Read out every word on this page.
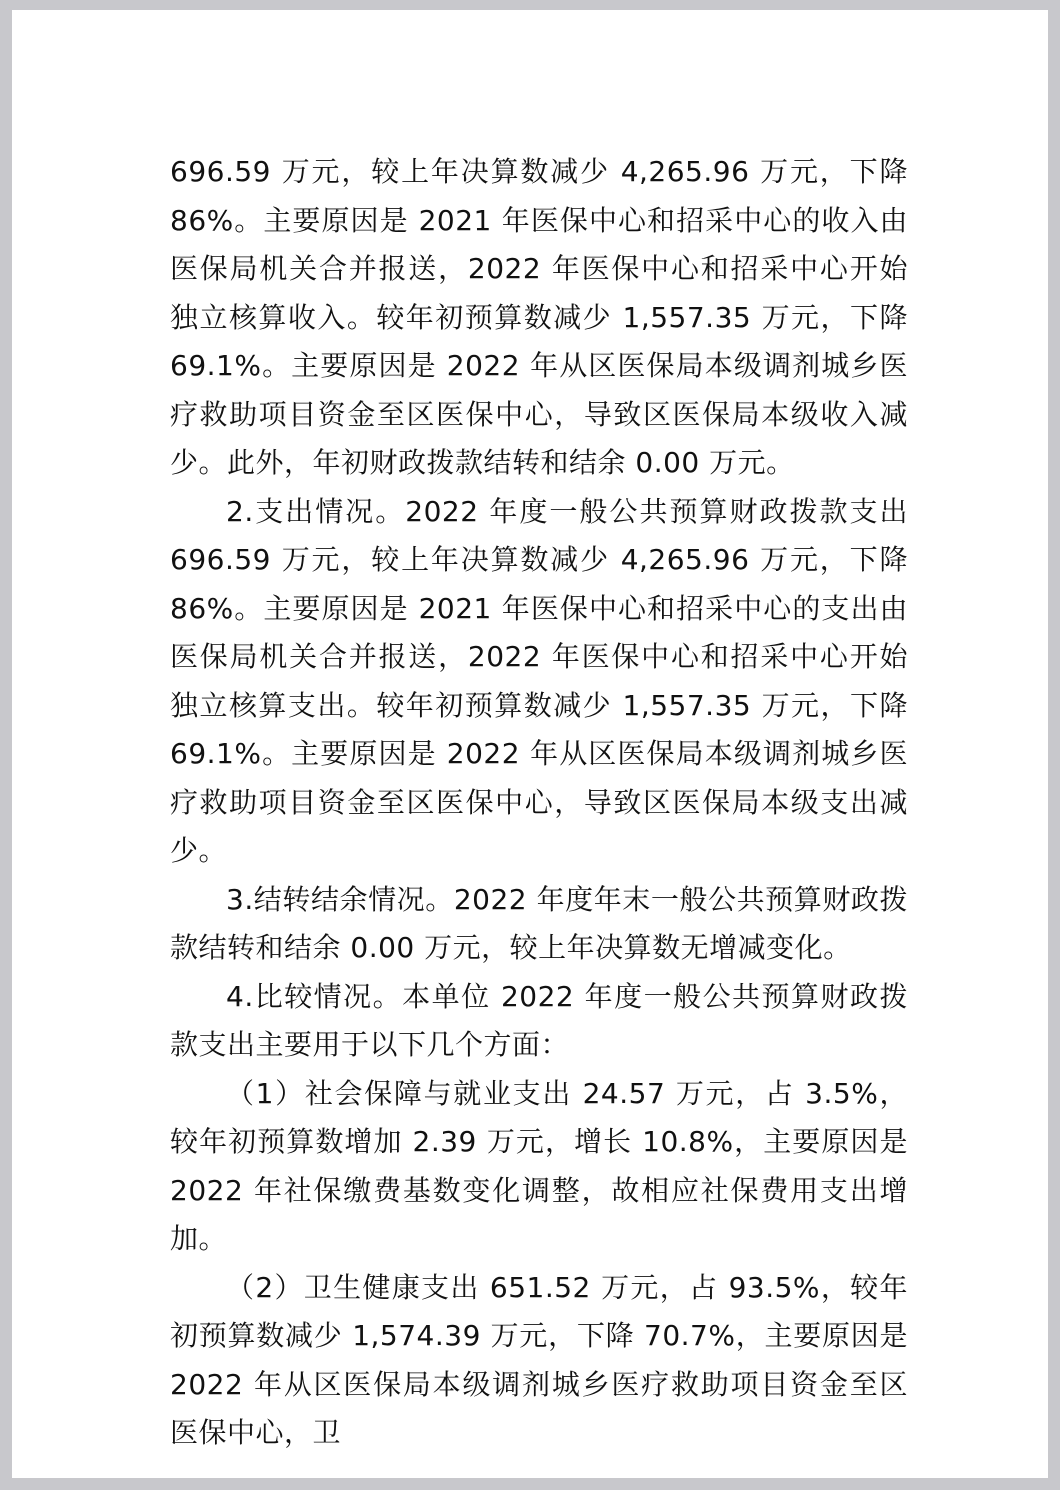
696.59 万元，较上年决算数减少 4,265.96 万元，下降 86%。主要原因是 2021 年医保中心和招采中心的收入由医保局机关合并报送，2022 年医保中心和招采中心开始独立核算收入。较年初预算数减少 1,557.35 万元，下降 69.1%。主要原因是 2022 年从区医保局本级调剂城乡医疗救助项目资金至区医保中心，导致区医保局本级收入减少。此外，年初财政拨款结转和结余 0.00 万元。

2.支出情况。2022 年度一般公共预算财政拨款支出 696.59 万元，较上年决算数减少 4,265.96 万元，下降 86%。主要原因是 2021 年医保中心和招采中心的支出由医保局机关合并报送，2022 年医保中心和招采中心开始独立核算支出。较年初预算数减少 1,557.35 万元，下降 69.1%。主要原因是 2022 年从区医保局本级调剂城乡医疗救助项目资金至区医保中心，导致区医保局本级支出减少。

3.结转结余情况。2022 年度年末一般公共预算财政拨款结转和结余 0.00 万元，较上年决算数无增减变化。

4.比较情况。本单位 2022 年度一般公共预算财政拨款支出主要用于以下几个方面：

（1）社会保障与就业支出 24.57 万元，占 3.5%，较年初预算数增加 2.39 万元，增长 10.8%，主要原因是 2022 年社保缴费基数变化调整，故相应社保费用支出增加。

（2）卫生健康支出 651.52 万元，占 93.5%，较年初预算数减少 1,574.39 万元，下降 70.7%，主要原因是 2022 年从区医保局本级调剂城乡医疗救助项目资金至区医保中心，卫
